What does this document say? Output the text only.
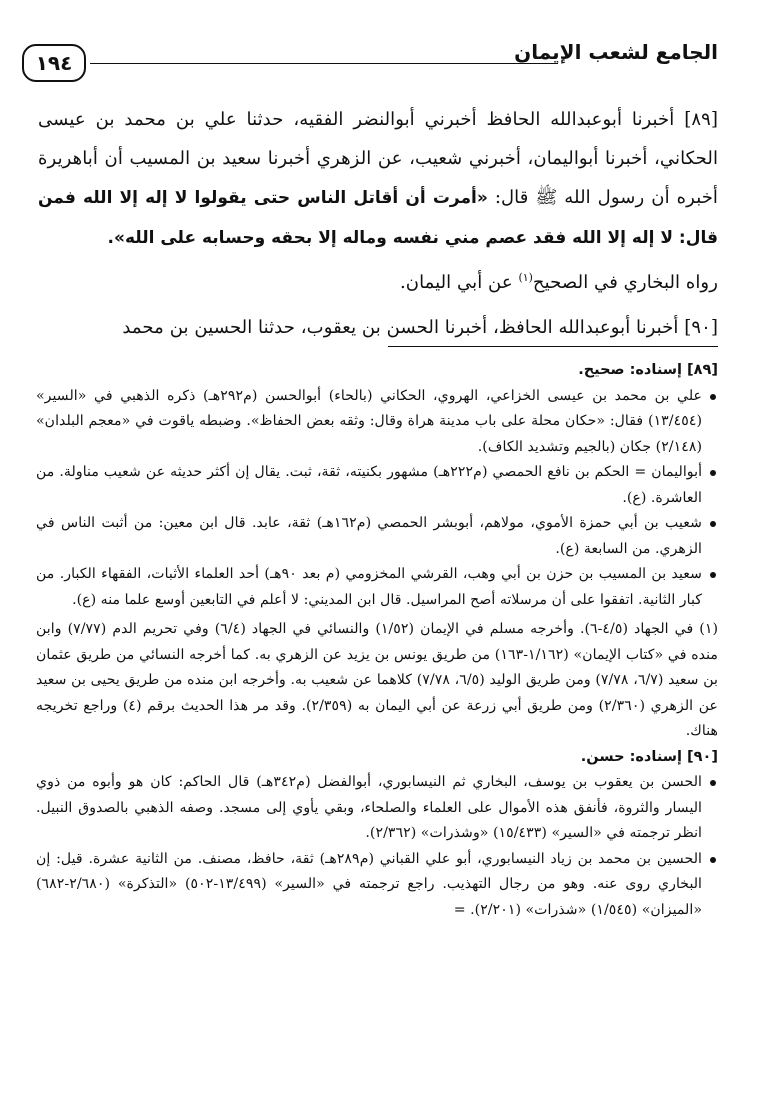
١٩٤	الجامع لشعب الإيمان

[٨٩] أخبرنا أبوعبدالله الحافظ أخبرني أبوالنضر الفقيه، حدثنا علي بن محمد بن عيسى الحكاني، أخبرنا أبواليمان، أخبرني شعيب، عن الزهري أخبرنا سعيد بن المسيب أن أباهريرة أخبره أن رسول الله ﷺ قال: «أمرت أن أقاتل الناس حتى يقولوا لا إله إلا الله فمن قال: لا إله إلا الله فقد عصم مني نفسه وماله إلا بحقه وحسابه على الله».
رواه البخاري في الصحيح$^{(١)}$ عن أبي اليمان.

[٩٠] أخبرنا أبوعبدالله الحافظ، أخبرنا الحسن بن يعقوب، حدثنا الحسين بن محمد

[٨٩] إسناده: صحيح.

علي بن محمد بن عيسى الخزاعي، الهروي، الحكاني (بالحاء) أبوالحسن (م٢٩٢هـ) ذكره الذهبي في «السير» (١٣/٤٥٤) فقال: «حكان محلة على باب مدينة هراة وقال: وثقه بعض الحفاظ». وضبطه ياقوت في «معجم البلدان» (٢/١٤٨) جكان (بالجيم وتشديد الكاف).

أبواليمان = الحكم بن نافع الحمصي (م٢٢٢هـ) مشهور بكنيته، ثقة، ثبت. يقال إن أكثر حديثه عن شعيب مناولة. من العاشرة. (ع).

شعيب بن أبي حمزة الأموي، مولاهم، أبوبشر الحمصي (م١٦٢هـ) ثقة، عابد. قال ابن معين: من أثبت الناس في الزهري. من السابعة (ع).

سعيد بن المسيب بن حزن بن أبي وهب، القرشي المخزومي (م بعد ٩٠هـ) أحد العلماء الأثبات، الفقهاء الكبار. من كبار الثانية. اتفقوا على أن مرسلاته أصح المراسيل. قال ابن المديني: لا أعلم في التابعين أوسع علما منه (ع).

(١) في الجهاد (٤/٥-٦). وأخرجه مسلم في الإيمان (١/٥٢) والنسائي في الجهاد (٦/٤) وفي تحريم الدم (٧/٧٧) وابن منده في «كتاب الإيمان» (١/١٦٢-١٦٣) من طريق يونس بن يزيد عن الزهري به. كما أخرجه النسائي من طريق عثمان بن سعيد (٦/٧، ٧/٧٨) ومن طريق الوليد (٦/٥، ٧/٧٨) كلاهما عن شعيب به. وأخرجه ابن منده من طريق يحيى بن سعيد عن الزهري (٢/٣٦٠) ومن طريق أبي زرعة عن أبي اليمان به (٢/٣٥٩). وقد مر هذا الحديث برقم (٤) وراجع تخريجه هناك.

[٩٠] إسناده: حسن.

الحسن بن يعقوب بن يوسف، البخاري ثم النيسابوري، أبوالفضل (م٣٤٢هـ) قال الحاكم: كان هو وأبوه من ذوي اليسار والثروة، فأنفق هذه الأموال على العلماء والصلحاء، وبقي يأوي إلى مسجد. وصفه الذهبي بالصدوق النبيل. انظر ترجمته في «السير» (١٥/٤٣٣) «وشذرات» (٢/٣٦٢).

الحسين بن محمد بن زياد النيسابوري، أبو علي القباني (م٢٨٩هـ) ثقة، حافظ، مصنف. من الثانية عشرة. قيل: إن البخاري روى عنه. وهو من رجال التهذيب. راجع ترجمته في «السير» (١٣/٤٩٩-٥٠٢) «التذكرة» (٢/٦٨٠-٦٨٢) «الميزان» (١/٥٤٥) «شذرات» (٢/٢٠١). =
